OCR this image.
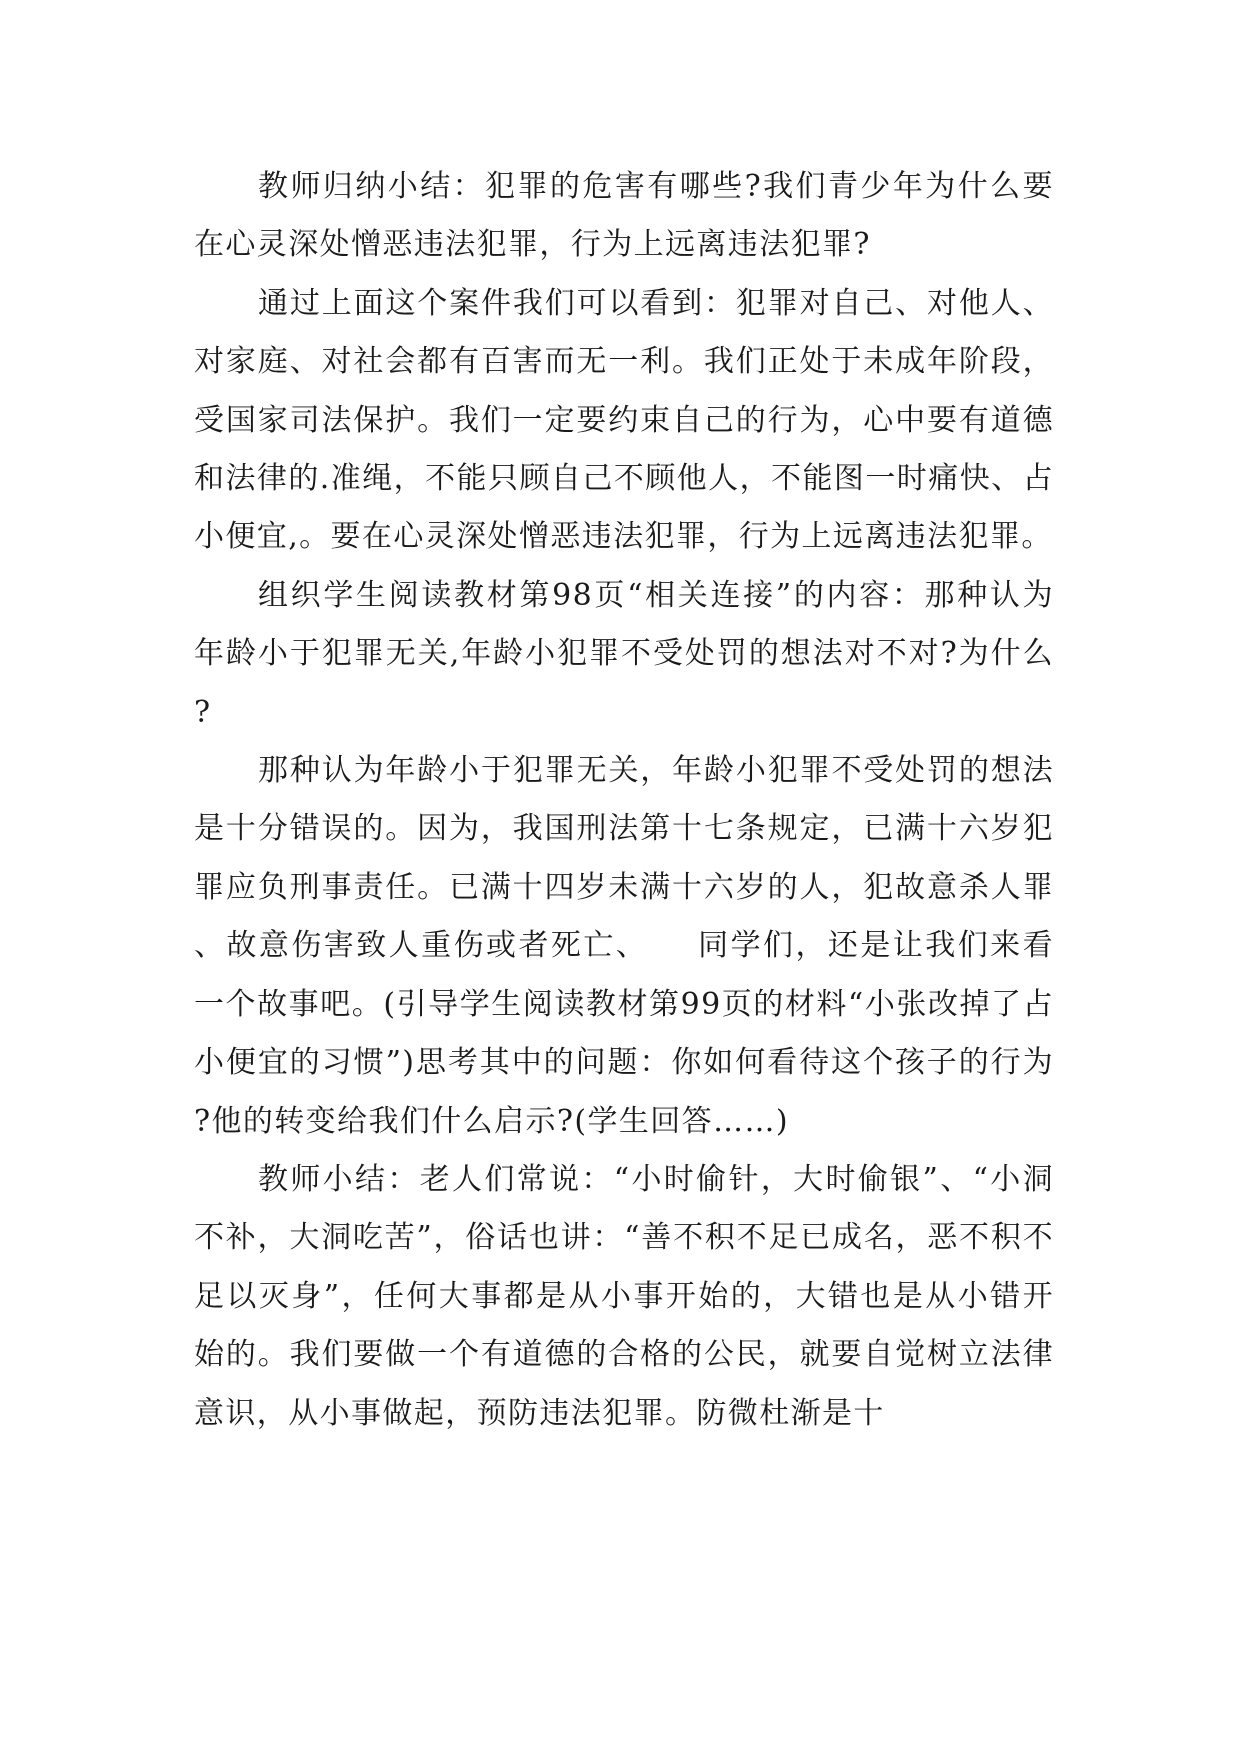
教师归纳小结：犯罪的危害有哪些?我们青少年为什么要在心灵深处憎恶违法犯罪，行为上远离违法犯罪?

通过上面这个案件我们可以看到：犯罪对自己、对他人、对家庭、对社会都有百害而无一利。我们正处于未成年阶段，受国家司法保护。我们一定要约束自己的行为，心中要有道德和法律的.准绳，不能只顾自己不顾他人，不能图一时痛快、占小便宜,。要在心灵深处憎恶违法犯罪，行为上远离违法犯罪。

组织学生阅读教材第98页“相关连接”的内容：那种认为年龄小于犯罪无关,年龄小犯罪不受处罚的想法对不对?为什么?

那种认为年龄小于犯罪无关，年龄小犯罪不受处罚的想法是十分错误的。因为，我国刑法第十七条规定，已满十六岁犯罪应负刑事责任。已满十四岁未满十六岁的人，犯故意杀人罪、故意伤害致人重伤或者死亡、　　同学们，还是让我们来看一个故事吧。(引导学生阅读教材第99页的材料“小张改掉了占小便宜的习惯”)思考其中的问题：你如何看待这个孩子的行为?他的转变给我们什么启示?(学生回答……)

教师小结：老人们常说：“小时偷针，大时偷银”、“小洞不补，大洞吃苦”，俗话也讲：“善不积不足已成名，恶不积不足以灭身”，任何大事都是从小事开始的，大错也是从小错开始的。我们要做一个有道德的合格的公民，就要自觉树立法律意识，从小事做起，预防违法犯罪。防微杜渐是十
